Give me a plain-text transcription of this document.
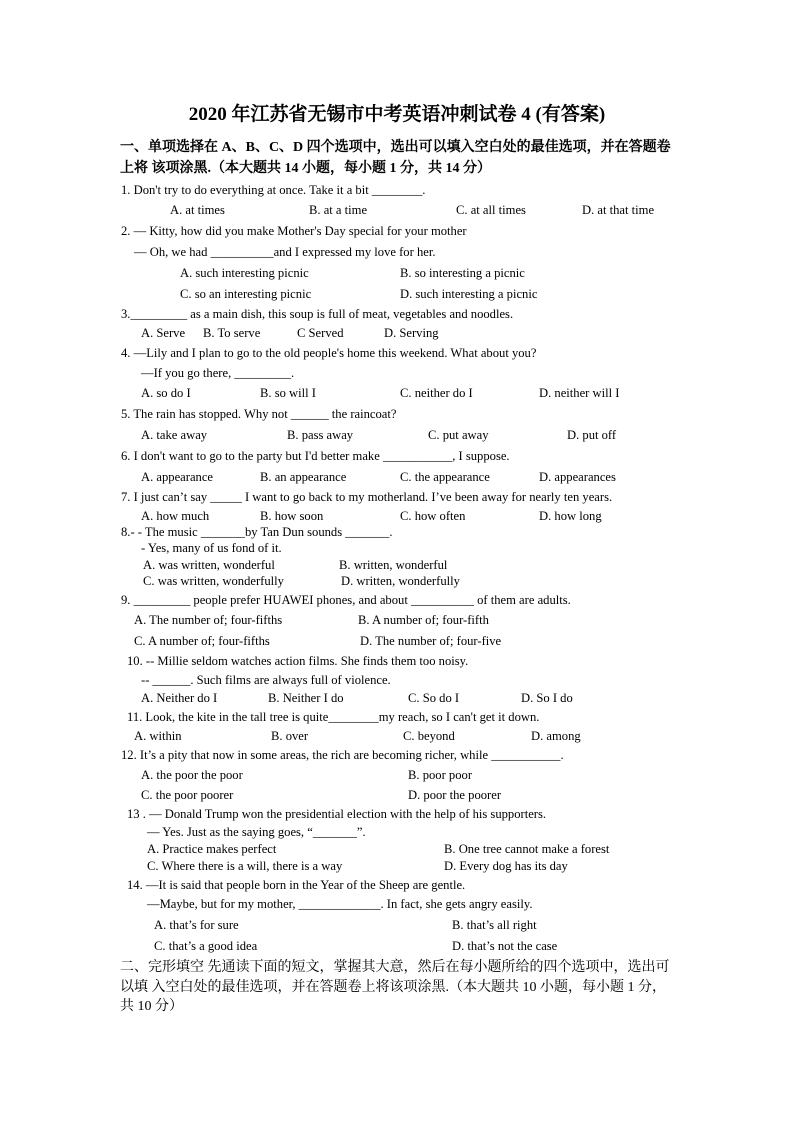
2020 年江苏省无锡市中考英语冲刺试卷 4 (有答案)
一、单项选择在 A、B、C、D 四个选项中，选出可以填入空白处的最佳选项，并在答题卷
上将 该项涂黑.（本大题共 14 小题，每小题 1 分，共 14 分）
1. Don't try to do everything at once. Take it a bit ________.
A. at times	B. at a time	C. at all times	D. at that time
2. — Kitty, how did you make Mother's Day special for your mother
— Oh, we had __________and I expressed my love for her.
A. such interesting picnic	B. so interesting a picnic
C. so an interesting picnic	D. such interesting a picnic
3._________ as a main dish, this soup is full of meat, vegetables and noodles.
A. Serve B. To serve	C Served	D. Serving
4. —Lily and I plan to go to the old people's home this weekend. What about you?
—If you go there, _________.
A. so do I	B. so will I	C. neither do I	D. neither will I
5. The rain has stopped. Why not ______ the raincoat?
A. take away	B. pass away	C. put away	D. put off
6. I don't want to go to the party but I'd better make ___________, I suppose.
A. appearance	B. an appearance	C. the appearance	D. appearances
7. I just can’t say _____ I want to go back to my motherland. I’ve been away for nearly ten years.
A. how much	B. how soon	C. how often	D. how long
8.- - The music _______by Tan Dun sounds _______.
- Yes, many of us fond of it.
A. was written, wonderful	B. written, wonderful
C. was written, wonderfully	D. written, wonderfully
9. _________ people prefer HUAWEI phones, and about __________ of them are adults.
A. The number of; four-fifths	B. A number of; four-fifth
C. A number of; four-fifths	D. The number of; four-five
10. -- Millie seldom watches action films. She finds them too noisy.
-- ______. Such films are always full of violence.
A. Neither do I	B. Neither I do	C. So do I	D. So I do
11. Look, the kite in the tall tree is quite________my reach, so I can't get it down.
A. within	B. over	C. beyond	D. among
12. It’s a pity that now in some areas, the rich are becoming richer, while ___________.
A. the poor the poor	B. poor poor
C. the poor poorer	D. poor the poorer
13 . — Donald Trump won the presidential election with the help of his supporters.
— Yes. Just as the saying goes, “_______”.
A. Practice makes perfect	B. One tree cannot make a forest
C. Where there is a will, there is a way	D. Every dog has its day
14. —It is said that people born in the Year of the Sheep are gentle.
—Maybe, but for my mother, _____________. In fact, she gets angry easily.
A. that’s for sure	B. that’s all right
C. that’s a good idea	D. that’s not the case
二、完形填空 先通读下面的短文，掌握其大意，然后在每小题所给的四个选项中，选出可
以填 入空白处的最佳选项，并在答题卷上将该项涂黑.（本大题共 10 小题，每小题 1 分，
共 10 分）
